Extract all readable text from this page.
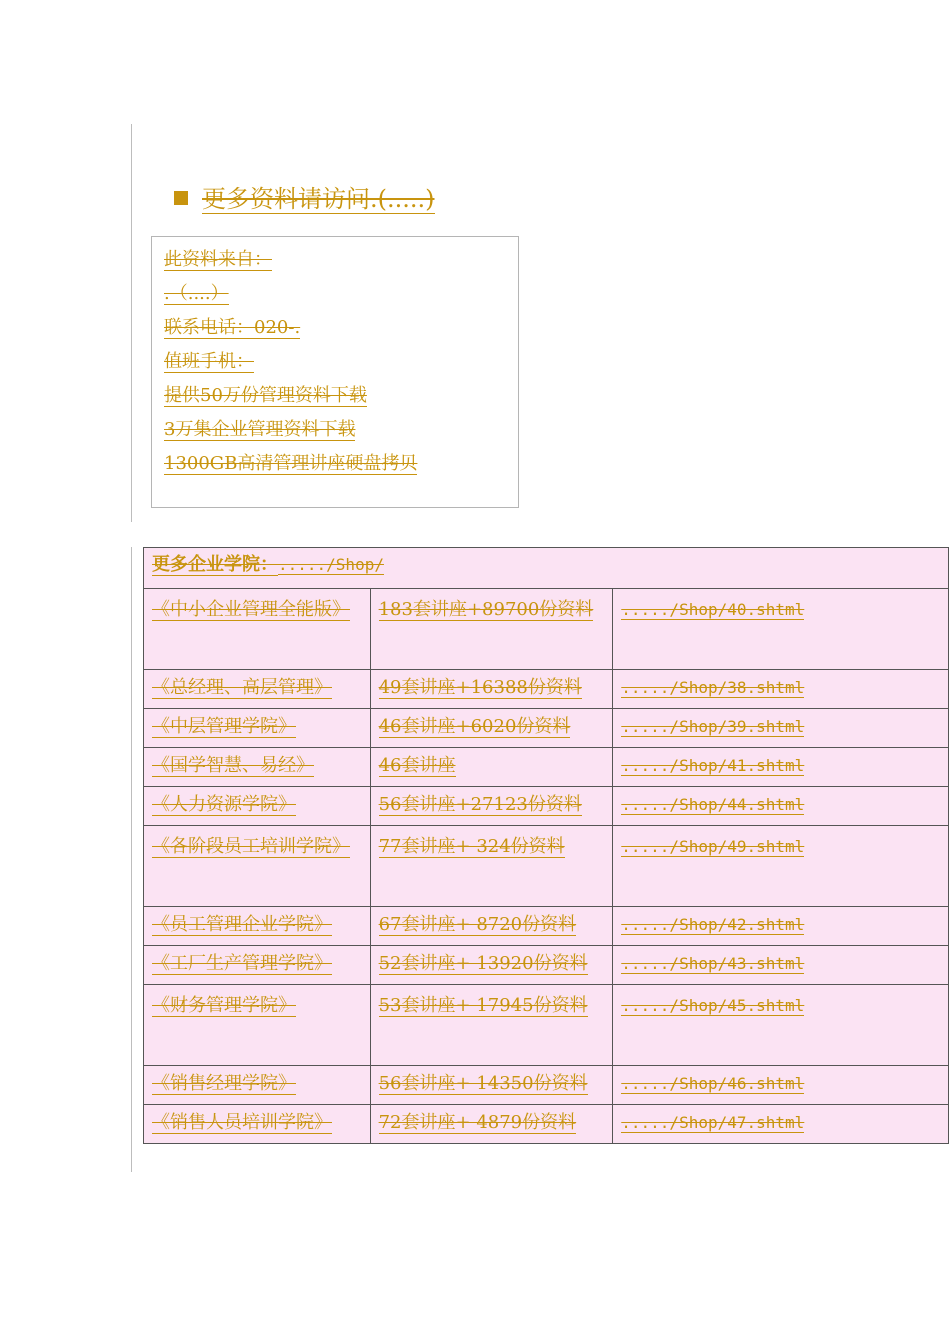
更多资料请访问.(.....)
此资料来自：
.（....）
联系电话：020-.
值班手机：
提供50万份管理资料下载
3万集企业管理资料下载
1300GB高清管理讲座硬盘拷贝
更多企业学院：...../Shop/		
《中小企业管理全能版》	183套讲座+89700份资料	...../Shop/40.shtml
《总经理、高层管理》	49套讲座+16388份资料	...../Shop/38.shtml
《中层管理学院》	46套讲座+6020份资料	...../Shop/39.shtml
《国学智慧、易经》	46套讲座	...../Shop/41.shtml
《人力资源学院》	56套讲座+27123份资料	...../Shop/44.shtml
《各阶段员工培训学院》	77套讲座+ 324份资料	...../Shop/49.shtml
《员工管理企业学院》	67套讲座+ 8720份资料	...../Shop/42.shtml
《工厂生产管理学院》	52套讲座+ 13920份资料	...../Shop/43.shtml
《财务管理学院》	53套讲座+ 17945份资料	...../Shop/45.shtml
《销售经理学院》	56套讲座+ 14350份资料	...../Shop/46.shtml
《销售人员培训学院》	72套讲座+ 4879份资料	...../Shop/47.shtml
